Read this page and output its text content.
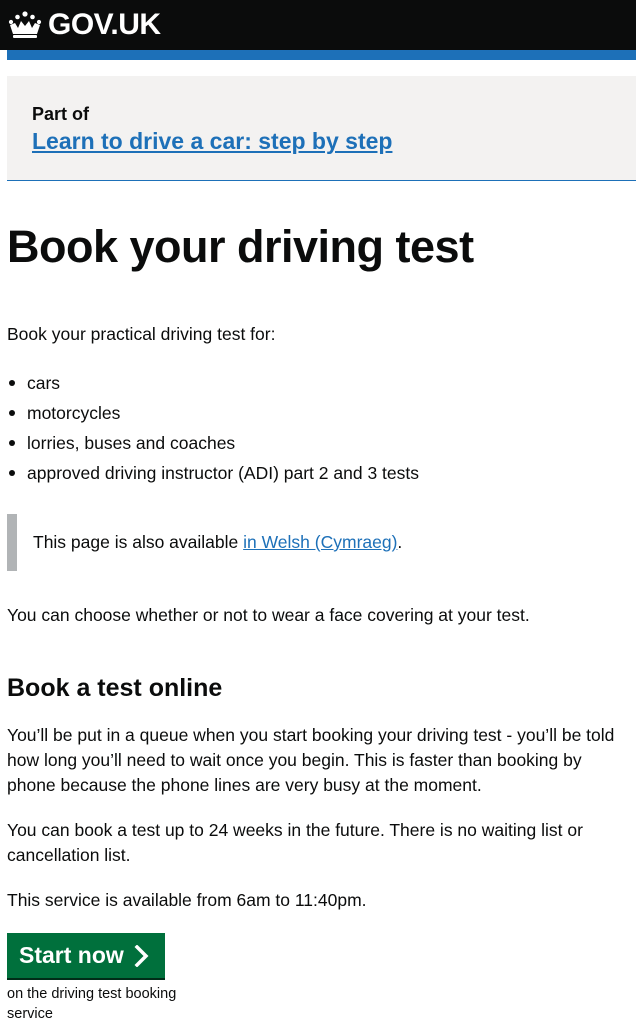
GOV.UK
Part of
Learn to drive a car: step by step
Book your driving test

Book your practical driving test for:

cars
motorcycles
lorries, buses and coaches
approved driving instructor (ADI) part 2 and 3 tests
This page is also available in Welsh (Cymraeg).

You can choose whether or not to wear a face covering at your test.

Book a test online

You’ll be put in a queue when you start booking your driving test - you’ll be told how long you’ll need to wait once you begin. This is faster than booking by phone because the phone lines are very busy at the moment.

You can book a test up to 24 weeks in the future. There is no waiting list or cancellation list.

This service is available from 6am to 11:40pm.

Start now

on the driving test booking service
